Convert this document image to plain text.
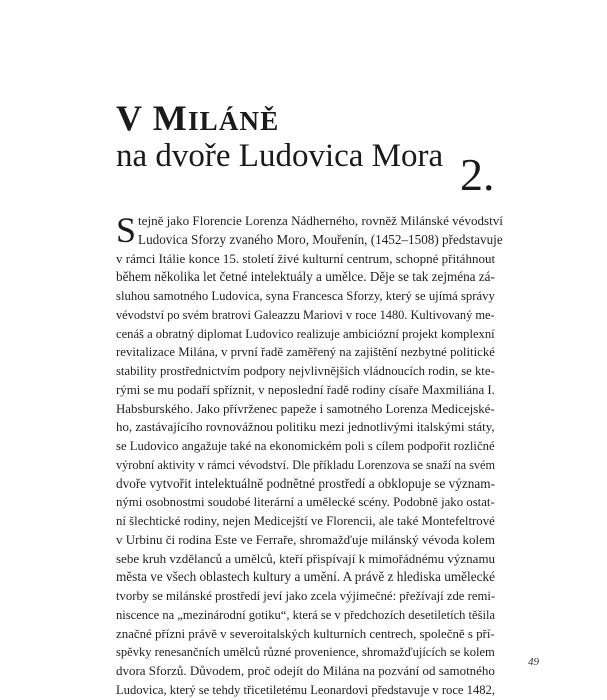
V MILÁNĚ
na dvoře Ludovica Mora 2.
S tejně jako Florencie Lorenza Nádherného, rovněž Milánské vévodství
Ludovica Sforzy zvaného Moro, Mouřenín, (1452–1508) představuje
v rámci Itálie konce 15. století živé kulturní centrum, schopné přitáhnout
během několika let četné intelektuály a umělce. Děje se tak zejména zá-
sluhou samotného Ludovica, syna Francesca Sforzy, který se ujímá správy
vévodství po svém bratrovi Galeazzu Mariovi v roce 1480. Kultivovaný me-
cenáš a obratný diplomat Ludovico realizuje ambiciózní projekt komplexní
revitalizace Milána, v první řadě zaměřený na zajištění nezbytné politické
stability prostřednictvím podpory nejvlivnějších vládnoucích rodin, se kte-
rými se mu podaří spříznit, v neposlední řadě rodiny císaře Maxmiliána I.
Habsburského. Jako přívrženec papeže i samotného Lorenza Medicejské-
ho, zastávajícího rovnovážnou politiku mezi jednotlivými italskými státy,
se Ludovico angažuje také na ekonomickém poli s cílem podpořit rozličné
výrobní aktivity v rámci vévodství. Dle příkladu Lorenzova se snaží na svém
dvoře vytvořit intelektuálně podnětné prostředí a obklopuje se význam-
nými osobnostmi soudobé literární a umělecké scény. Podobně jako ostat-
ní šlechtické rodiny, nejen Medicejští ve Florencii, ale také Montefeltrové
v Urbinu či rodina Este ve Ferraře, shromažďuje milánský vévoda kolem
sebe kruh vzdělanců a umělců, kteří přispívají k mimořádnému významu
města ve všech oblastech kultury a umění. A právě z hlediska umělecké
tvorby se milánské prostředí jeví jako zcela výjimečné: přežívají zde remi-
niscence na „mezinárodní gotiku“, která se v předchozích desetiletích těšila
značné přízni právě v severoitalských kulturních centrech, společně s pří-
spěvky renesančních umělců různé provenience, shromažďujících se kolem
dvora Sforzů. Důvodem, proč odejít do Milána na pozvání od samotného
Ludovica, který se tehdy třicetiletému Leonardovi představuje v roce 1482,
49
